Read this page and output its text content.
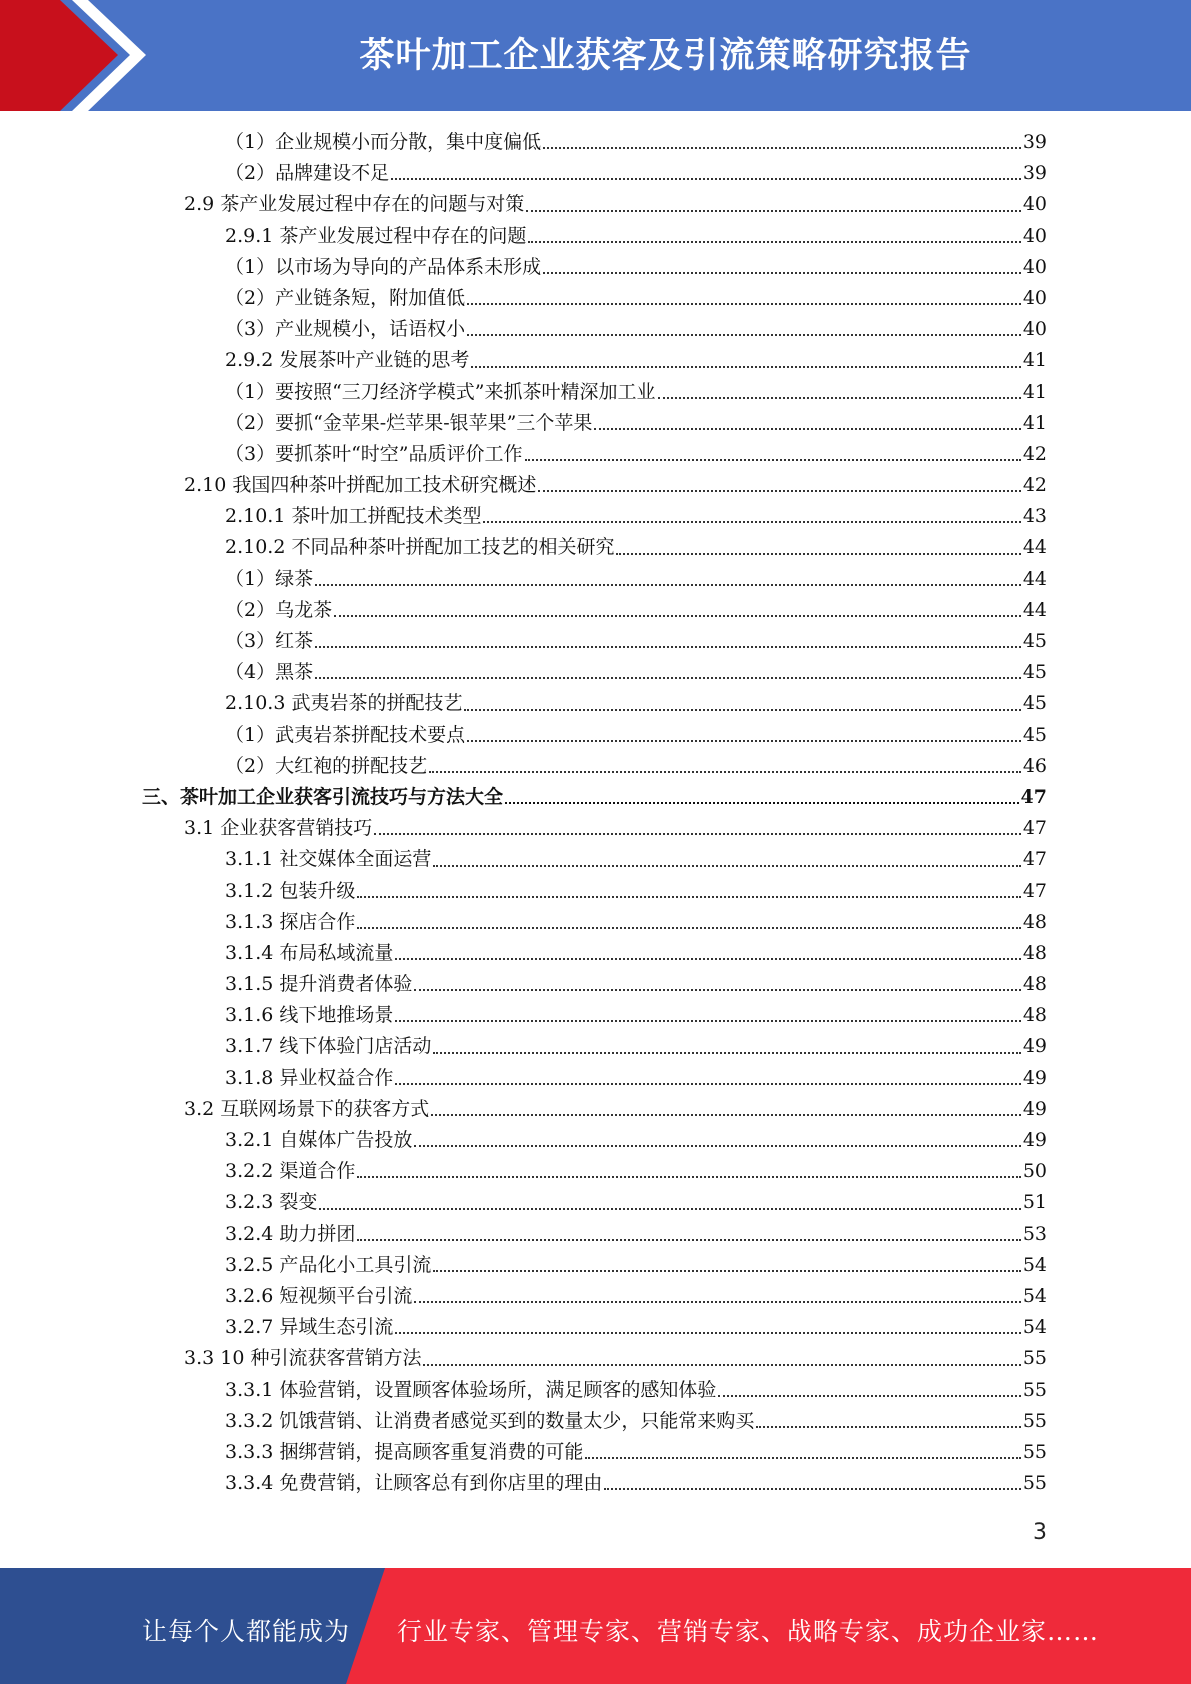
茶叶加工企业获客及引流策略研究报告
（1）企业规模小而分散，集中度偏低	39
（2）品牌建设不足	39
2.9 茶产业发展过程中存在的问题与对策	40
2.9.1 茶产业发展过程中存在的问题	40
（1）以市场为导向的产品体系未形成	40
（2）产业链条短，附加值低	40
（3）产业规模小，话语权小	40
2.9.2 发展茶叶产业链的思考	41
（1）要按照“三刀经济学模式”来抓茶叶精深加工业	41
（2）要抓“金苹果-烂苹果-银苹果”三个苹果	41
（3）要抓茶叶“时空”品质评价工作	42
2.10 我国四种茶叶拼配加工技术研究概述	42
2.10.1 茶叶加工拼配技术类型	43
2.10.2 不同品种茶叶拼配加工技艺的相关研究	44
（1）绿茶	44
（2）乌龙茶	44
（3）红茶	45
（4）黑茶	45
2.10.3 武夷岩茶的拼配技艺	45
（1）武夷岩茶拼配技术要点	45
（2）大红袍的拼配技艺	46
三、茶叶加工企业获客引流技巧与方法大全	47
3.1 企业获客营销技巧	47
3.1.1 社交媒体全面运营	47
3.1.2 包装升级	47
3.1.3 探店合作	48
3.1.4 布局私域流量	48
3.1.5 提升消费者体验	48
3.1.6 线下地推场景	48
3.1.7 线下体验门店活动	49
3.1.8 异业权益合作	49
3.2 互联网场景下的获客方式	49
3.2.1 自媒体广告投放	49
3.2.2 渠道合作	50
3.2.3 裂变	51
3.2.4 助力拼团	53
3.2.5 产品化小工具引流	54
3.2.6 短视频平台引流	54
3.2.7 异域生态引流	54
3.3 10 种引流获客营销方法	55
3.3.1 体验营销，设置顾客体验场所，满足顾客的感知体验	55
3.3.2 饥饿营销、让消费者感觉买到的数量太少，只能常来购买	55
3.3.3 捆绑营销，提高顾客重复消费的可能	55
3.3.4 免费营销，让顾客总有到你店里的理由	55
3
让每个人都能成为 行业专家、管理专家、营销专家、战略专家、成功企业家……
